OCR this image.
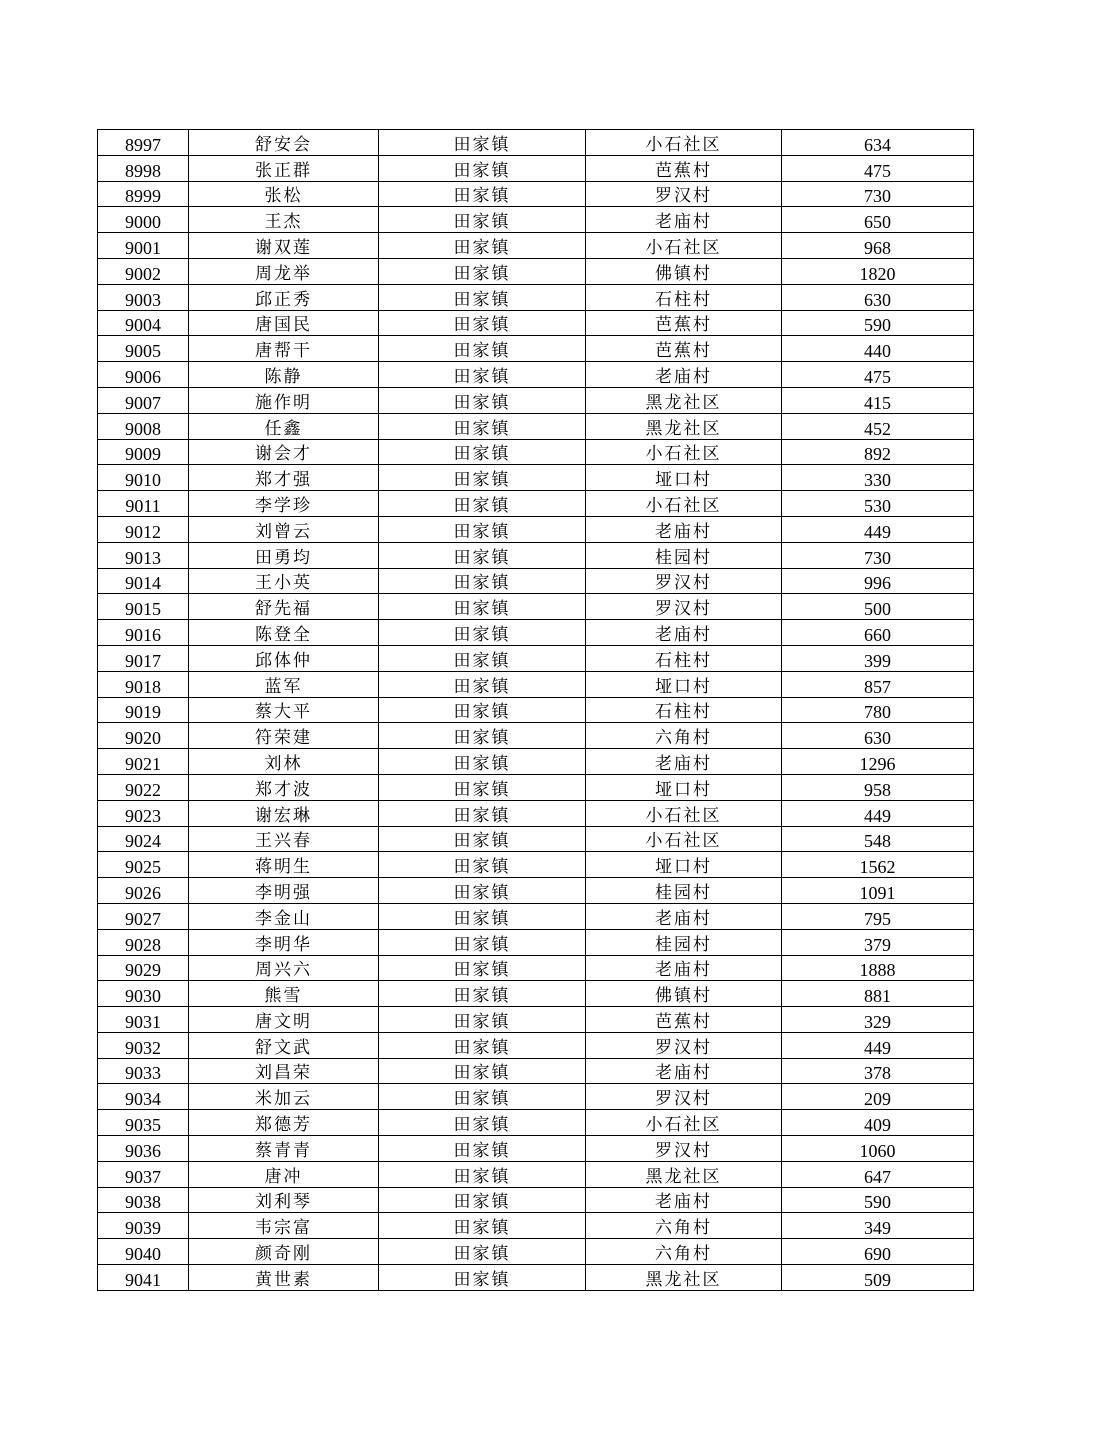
8997	舒安会	田家镇	小石社区	634
8998	张正群	田家镇	芭蕉村	475
8999	张松	田家镇	罗汉村	730
9000	王杰	田家镇	老庙村	650
9001	谢双莲	田家镇	小石社区	968
9002	周龙举	田家镇	佛镇村	1820
9003	邱正秀	田家镇	石柱村	630
9004	唐国民	田家镇	芭蕉村	590
9005	唐帮干	田家镇	芭蕉村	440
9006	陈静	田家镇	老庙村	475
9007	施作明	田家镇	黑龙社区	415
9008	任鑫	田家镇	黑龙社区	452
9009	谢会才	田家镇	小石社区	892
9010	郑才强	田家镇	垭口村	330
9011	李学珍	田家镇	小石社区	530
9012	刘曾云	田家镇	老庙村	449
9013	田勇均	田家镇	桂园村	730
9014	王小英	田家镇	罗汉村	996
9015	舒先福	田家镇	罗汉村	500
9016	陈登全	田家镇	老庙村	660
9017	邱体仲	田家镇	石柱村	399
9018	蓝军	田家镇	垭口村	857
9019	蔡大平	田家镇	石柱村	780
9020	符荣建	田家镇	六角村	630
9021	刘林	田家镇	老庙村	1296
9022	郑才波	田家镇	垭口村	958
9023	谢宏琳	田家镇	小石社区	449
9024	王兴春	田家镇	小石社区	548
9025	蒋明生	田家镇	垭口村	1562
9026	李明强	田家镇	桂园村	1091
9027	李金山	田家镇	老庙村	795
9028	李明华	田家镇	桂园村	379
9029	周兴六	田家镇	老庙村	1888
9030	熊雪	田家镇	佛镇村	881
9031	唐文明	田家镇	芭蕉村	329
9032	舒文武	田家镇	罗汉村	449
9033	刘昌荣	田家镇	老庙村	378
9034	米加云	田家镇	罗汉村	209
9035	郑德芳	田家镇	小石社区	409
9036	蔡青青	田家镇	罗汉村	1060
9037	唐冲	田家镇	黑龙社区	647
9038	刘利琴	田家镇	老庙村	590
9039	韦宗富	田家镇	六角村	349
9040	颜奇刚	田家镇	六角村	690
9041	黄世素	田家镇	黑龙社区	509
